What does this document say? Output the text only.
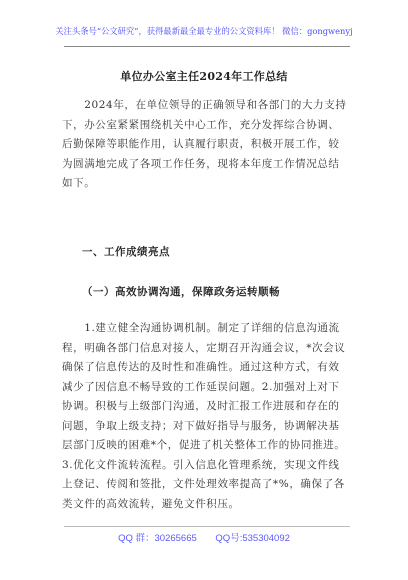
关注头条号“公文研究”，获得最新最全最专业的公文资料库！ 微信：gongwenyj
单位办公室主任2024年工作总结
　　2024年，在单位领导的正确领导和各部门的大力支持
下，办公室紧紧围绕机关中心工作，充分发挥综合协调、
后勤保障等职能作用，认真履行职责，积极开展工作，较
为圆满地完成了各项工作任务，现将本年度工作情况总结
如下。
一、工作成绩亮点
（一）高效协调沟通，保障政务运转顺畅
　　1.建立健全沟通协调机制。制定了详细的信息沟通流
程，明确各部门信息对接人，定期召开沟通会议，*次会议
确保了信息传达的及时性和准确性。通过这种方式，有效
减少了因信息不畅导致的工作延误问题。2.加强对上对下
协调。积极与上级部门沟通，及时汇报工作进展和存在的
问题，争取上级支持；对下做好指导与服务，协调解决基
层部门反映的困难*个，促进了机关整体工作的协同推进。
3.优化文件流转流程。引入信息化管理系统，实现文件线
上登记、传阅和签批，文件处理效率提高了*%，确保了各
类文件的高效流转，避免文件积压。
QQ 群：30265665 QQ号:535304092
